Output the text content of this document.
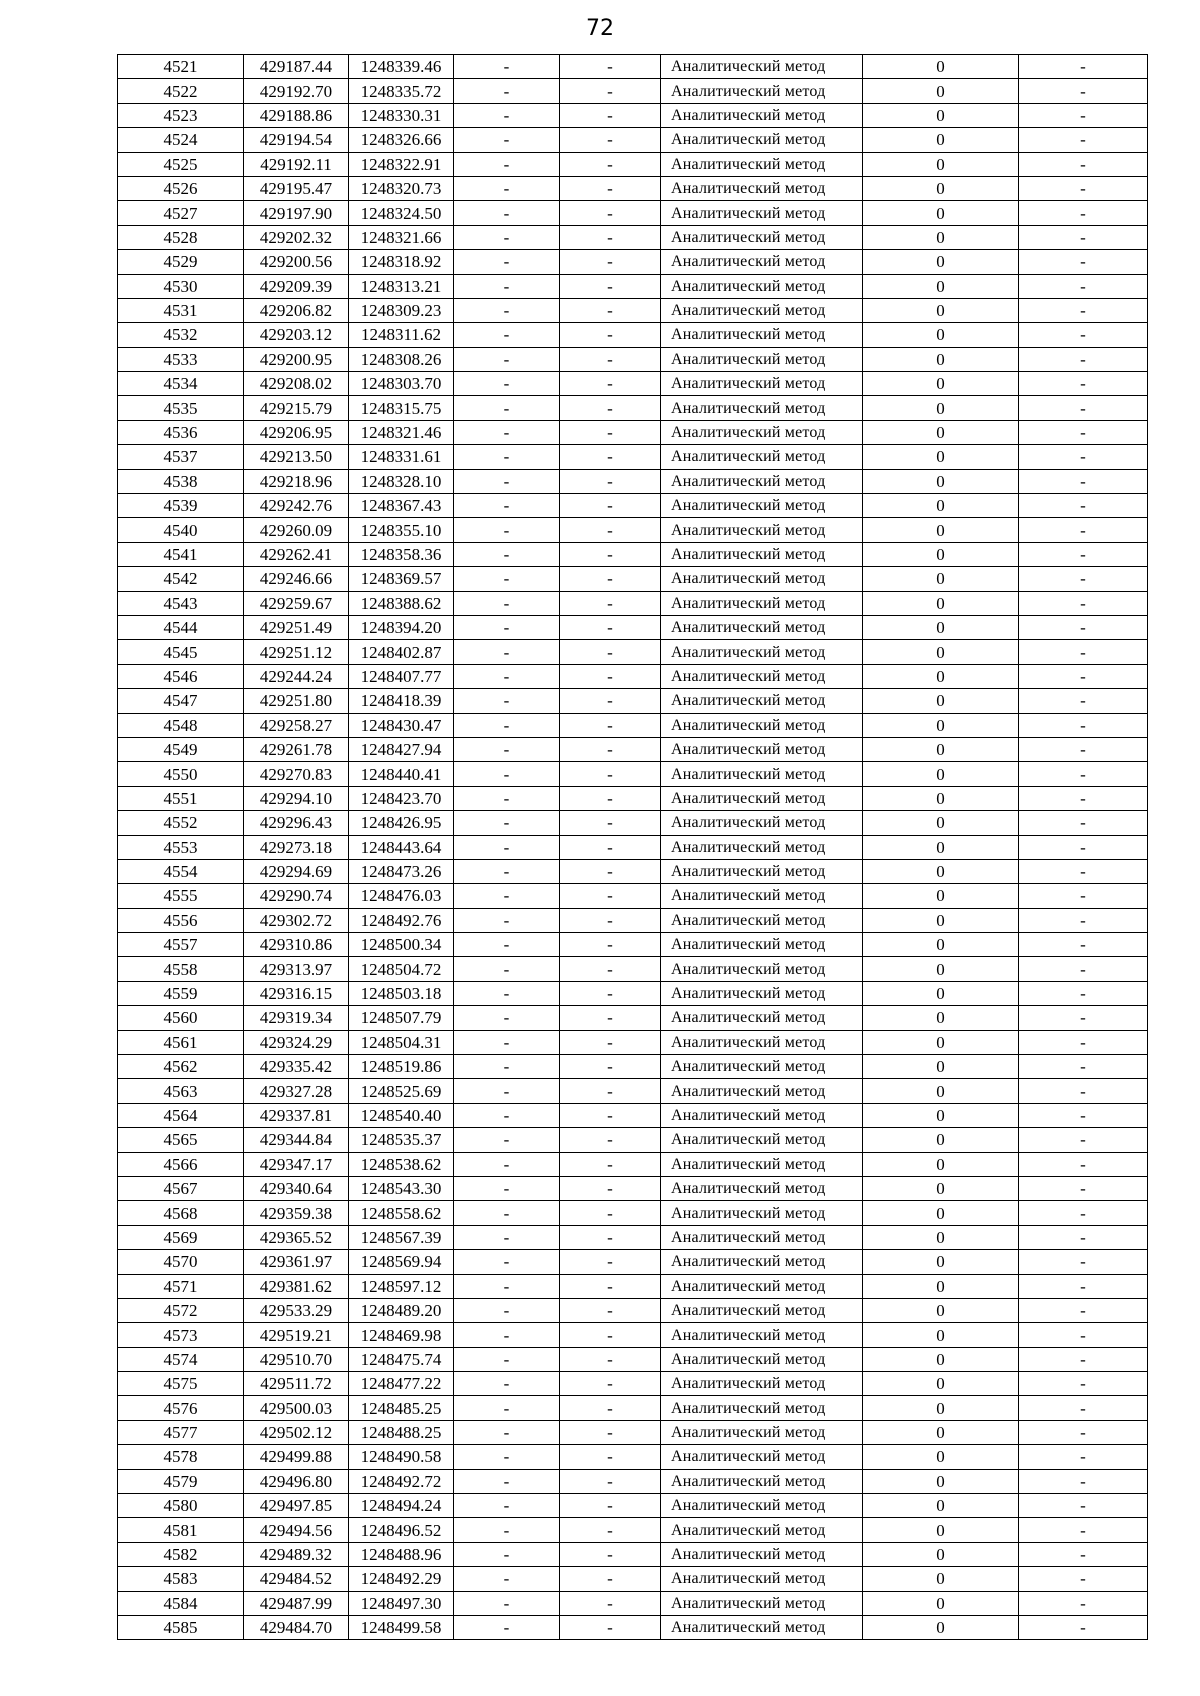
72
4521	429187.44	1248339.46	-	-	Аналитический метод	0	-
4522	429192.70	1248335.72	-	-	Аналитический метод	0	-
4523	429188.86	1248330.31	-	-	Аналитический метод	0	-
4524	429194.54	1248326.66	-	-	Аналитический метод	0	-
4525	429192.11	1248322.91	-	-	Аналитический метод	0	-
4526	429195.47	1248320.73	-	-	Аналитический метод	0	-
4527	429197.90	1248324.50	-	-	Аналитический метод	0	-
4528	429202.32	1248321.66	-	-	Аналитический метод	0	-
4529	429200.56	1248318.92	-	-	Аналитический метод	0	-
4530	429209.39	1248313.21	-	-	Аналитический метод	0	-
4531	429206.82	1248309.23	-	-	Аналитический метод	0	-
4532	429203.12	1248311.62	-	-	Аналитический метод	0	-
4533	429200.95	1248308.26	-	-	Аналитический метод	0	-
4534	429208.02	1248303.70	-	-	Аналитический метод	0	-
4535	429215.79	1248315.75	-	-	Аналитический метод	0	-
4536	429206.95	1248321.46	-	-	Аналитический метод	0	-
4537	429213.50	1248331.61	-	-	Аналитический метод	0	-
4538	429218.96	1248328.10	-	-	Аналитический метод	0	-
4539	429242.76	1248367.43	-	-	Аналитический метод	0	-
4540	429260.09	1248355.10	-	-	Аналитический метод	0	-
4541	429262.41	1248358.36	-	-	Аналитический метод	0	-
4542	429246.66	1248369.57	-	-	Аналитический метод	0	-
4543	429259.67	1248388.62	-	-	Аналитический метод	0	-
4544	429251.49	1248394.20	-	-	Аналитический метод	0	-
4545	429251.12	1248402.87	-	-	Аналитический метод	0	-
4546	429244.24	1248407.77	-	-	Аналитический метод	0	-
4547	429251.80	1248418.39	-	-	Аналитический метод	0	-
4548	429258.27	1248430.47	-	-	Аналитический метод	0	-
4549	429261.78	1248427.94	-	-	Аналитический метод	0	-
4550	429270.83	1248440.41	-	-	Аналитический метод	0	-
4551	429294.10	1248423.70	-	-	Аналитический метод	0	-
4552	429296.43	1248426.95	-	-	Аналитический метод	0	-
4553	429273.18	1248443.64	-	-	Аналитический метод	0	-
4554	429294.69	1248473.26	-	-	Аналитический метод	0	-
4555	429290.74	1248476.03	-	-	Аналитический метод	0	-
4556	429302.72	1248492.76	-	-	Аналитический метод	0	-
4557	429310.86	1248500.34	-	-	Аналитический метод	0	-
4558	429313.97	1248504.72	-	-	Аналитический метод	0	-
4559	429316.15	1248503.18	-	-	Аналитический метод	0	-
4560	429319.34	1248507.79	-	-	Аналитический метод	0	-
4561	429324.29	1248504.31	-	-	Аналитический метод	0	-
4562	429335.42	1248519.86	-	-	Аналитический метод	0	-
4563	429327.28	1248525.69	-	-	Аналитический метод	0	-
4564	429337.81	1248540.40	-	-	Аналитический метод	0	-
4565	429344.84	1248535.37	-	-	Аналитический метод	0	-
4566	429347.17	1248538.62	-	-	Аналитический метод	0	-
4567	429340.64	1248543.30	-	-	Аналитический метод	0	-
4568	429359.38	1248558.62	-	-	Аналитический метод	0	-
4569	429365.52	1248567.39	-	-	Аналитический метод	0	-
4570	429361.97	1248569.94	-	-	Аналитический метод	0	-
4571	429381.62	1248597.12	-	-	Аналитический метод	0	-
4572	429533.29	1248489.20	-	-	Аналитический метод	0	-
4573	429519.21	1248469.98	-	-	Аналитический метод	0	-
4574	429510.70	1248475.74	-	-	Аналитический метод	0	-
4575	429511.72	1248477.22	-	-	Аналитический метод	0	-
4576	429500.03	1248485.25	-	-	Аналитический метод	0	-
4577	429502.12	1248488.25	-	-	Аналитический метод	0	-
4578	429499.88	1248490.58	-	-	Аналитический метод	0	-
4579	429496.80	1248492.72	-	-	Аналитический метод	0	-
4580	429497.85	1248494.24	-	-	Аналитический метод	0	-
4581	429494.56	1248496.52	-	-	Аналитический метод	0	-
4582	429489.32	1248488.96	-	-	Аналитический метод	0	-
4583	429484.52	1248492.29	-	-	Аналитический метод	0	-
4584	429487.99	1248497.30	-	-	Аналитический метод	0	-
4585	429484.70	1248499.58	-	-	Аналитический метод	0	-
